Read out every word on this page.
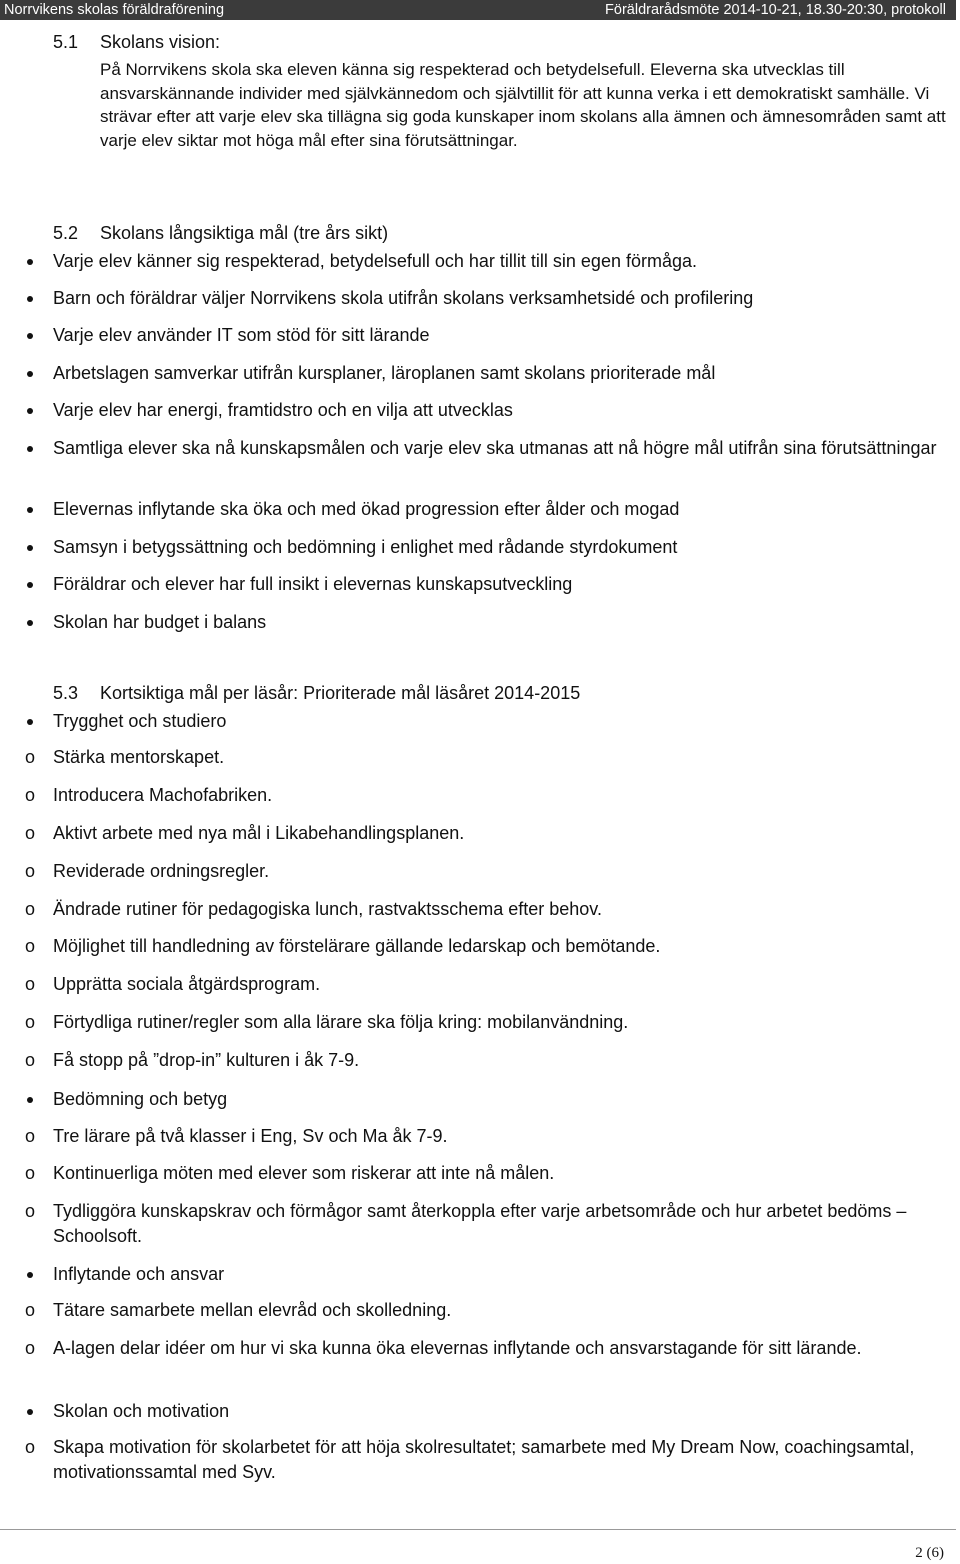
Norrvikens skolas föräldraförening	Föräldrarådsmöte 2014-10-21, 18.30-20:30, protokoll
5.1 Skolans vision:
På Norrvikens skola ska eleven känna sig respekterad och betydelsefull. Eleverna ska utvecklas till ansvarskännande individer med självkännedom och självtillit för att kunna verka i ett demokratiskt samhälle. Vi strävar efter att varje elev ska tillägna sig goda kunskaper inom skolans alla ämnen och ämnesområden samt att varje elev siktar mot höga mål efter sina förutsättningar.
5.2 Skolans långsiktiga mål (tre års sikt)
Varje elev känner sig respekterad, betydelsefull och har tillit till sin egen förmåga.
Barn och föräldrar väljer Norrvikens skola utifrån skolans verksamhetsidé och profilering
Varje elev använder IT som stöd för sitt lärande
Arbetslagen samverkar utifrån kursplaner, läroplanen samt skolans prioriterade mål
Varje elev har energi, framtidstro och en vilja att utvecklas
Samtliga elever ska nå kunskapsmålen och varje elev ska utmanas att nå högre mål utifrån sina förutsättningar
Elevernas inflytande ska öka och med ökad progression efter ålder och mogad
Samsyn i betygssättning och bedömning i enlighet med rådande styrdokument
Föräldrar och elever har full insikt i elevernas kunskapsutveckling
Skolan har budget i balans
5.3 Kortsiktiga mål per läsår: Prioriterade mål läsåret 2014-2015
Trygghet och studiero
o Stärka mentorskapet.
o Introducera Machofabriken.
o Aktivt arbete med nya mål i Likabehandlingsplanen.
o Reviderade ordningsregler.
o Ändrade rutiner för pedagogiska lunch, rastvaktsschema efter behov.
o Möjlighet till handledning av förstelärare gällande ledarskap och bemötande.
o Upprätta sociala åtgärdsprogram.
o Förtydliga rutiner/regler som alla lärare ska följa kring: mobilanvändning.
o Få stopp på ”drop-in” kulturen i åk 7-9.
Bedömning och betyg
o Tre lärare på två klasser i Eng, Sv och Ma åk 7-9.
o Kontinuerliga möten med elever som riskerar att inte nå målen.
o Tydliggöra kunskapskrav och förmågor samt återkoppla efter varje arbetsområde och hur arbetet bedöms – Schoolsoft.
Inflytande och ansvar
o Tätare samarbete mellan elevråd och skolledning.
o A-lagen delar idéer om hur vi ska kunna öka elevernas inflytande och ansvarstagande för sitt lärande.
Skolan och motivation
o Skapa motivation för skolarbetet för att höja skolresultatet; samarbete med My Dream Now, coachingsamtal, motivationssamtal med Syv.
2 (6)
